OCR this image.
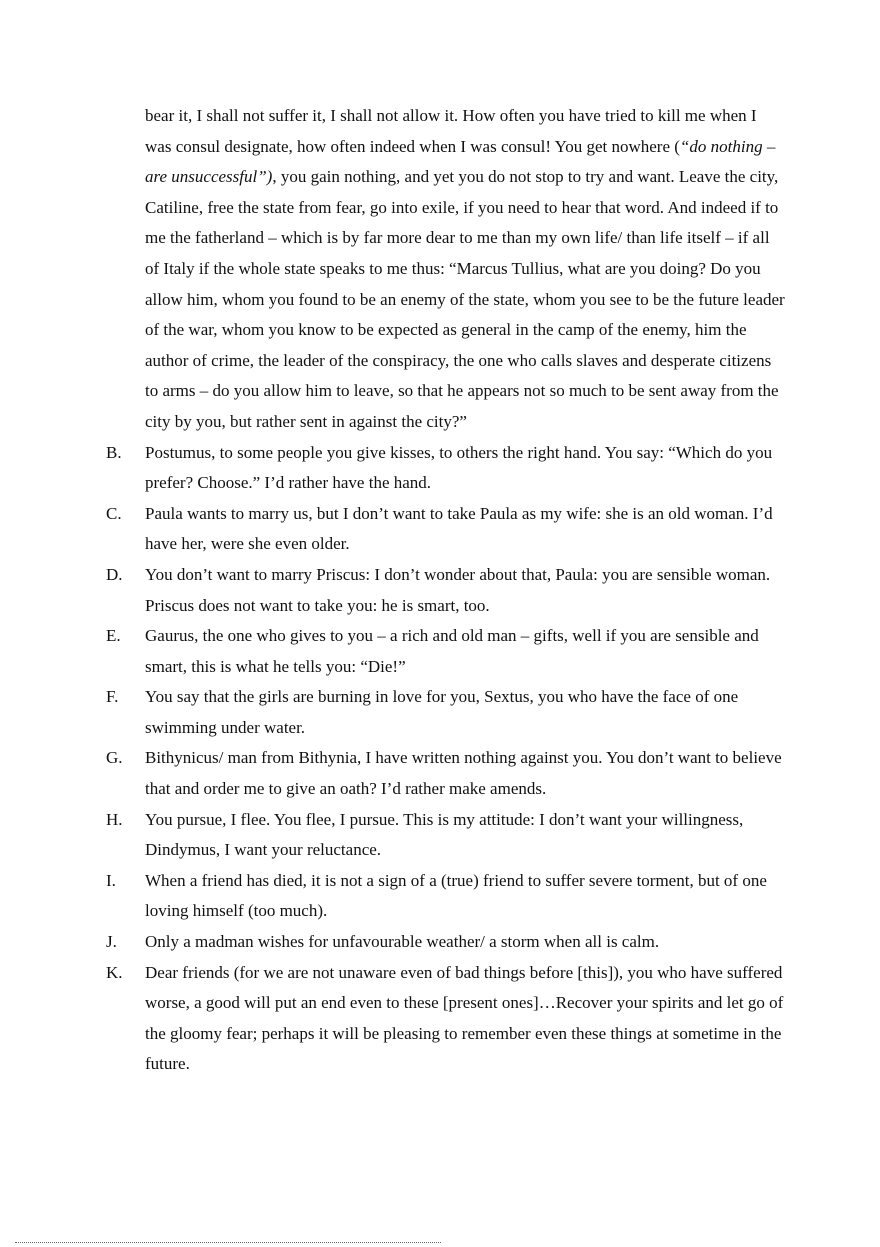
bear it, I shall not suffer it, I shall not allow it. How often you have tried to kill me when I was consul designate, how often indeed when I was consul! You get nowhere (“do nothing – are unsuccessful”), you gain nothing, and yet you do not stop to try and want. Leave the city, Catiline, free the state from fear, go into exile, if you need to hear that word. And indeed if to me the fatherland – which is by far more dear to me than my own life/ than life itself – if all of Italy if the whole state speaks to me thus: “Marcus Tullius, what are you doing? Do you allow him, whom you found to be an enemy of the state, whom you see to be the future leader of the war, whom you know to be expected as general in the camp of the enemy, him the author of crime, the leader of the conspiracy, the one who calls slaves and desperate citizens to arms – do you allow him to leave, so that he appears not so much to be sent away from the city by you, but rather sent in against the city?”

B. Postumus, to some people you give kisses, to others the right hand. You say: “Which do you prefer? Choose.” I’d rather have the hand.
C. Paula wants to marry us, but I don’t want to take Paula as my wife: she is an old woman. I’d have her, were she even older.
D. You don’t want to marry Priscus: I don’t wonder about that, Paula: you are sensible woman. Priscus does not want to take you: he is smart, too.
E. Gaurus, the one who gives to you – a rich and old man – gifts, well if you are sensible and smart, this is what he tells you: “Die!”
F. You say that the girls are burning in love for you, Sextus, you who have the face of one swimming under water.
G. Bithynicus/ man from Bithynia, I have written nothing against you. You don’t want to believe that and order me to give an oath? I’d rather make amends.
H. You pursue, I flee. You flee, I pursue. This is my attitude: I don’t want your willingness, Dindymus, I want your reluctance.
I. When a friend has died, it is not a sign of a (true) friend to suffer severe torment, but of one loving himself (too much).
J. Only a madman wishes for unfavourable weather/ a storm when all is calm.
K. Dear friends (for we are not unaware even of bad things before [this]), you who have suffered worse, a good will put an end even to these [present ones]…Recover your spirits and let go of the gloomy fear; perhaps it will be pleasing to remember even these things at sometime in the future.
